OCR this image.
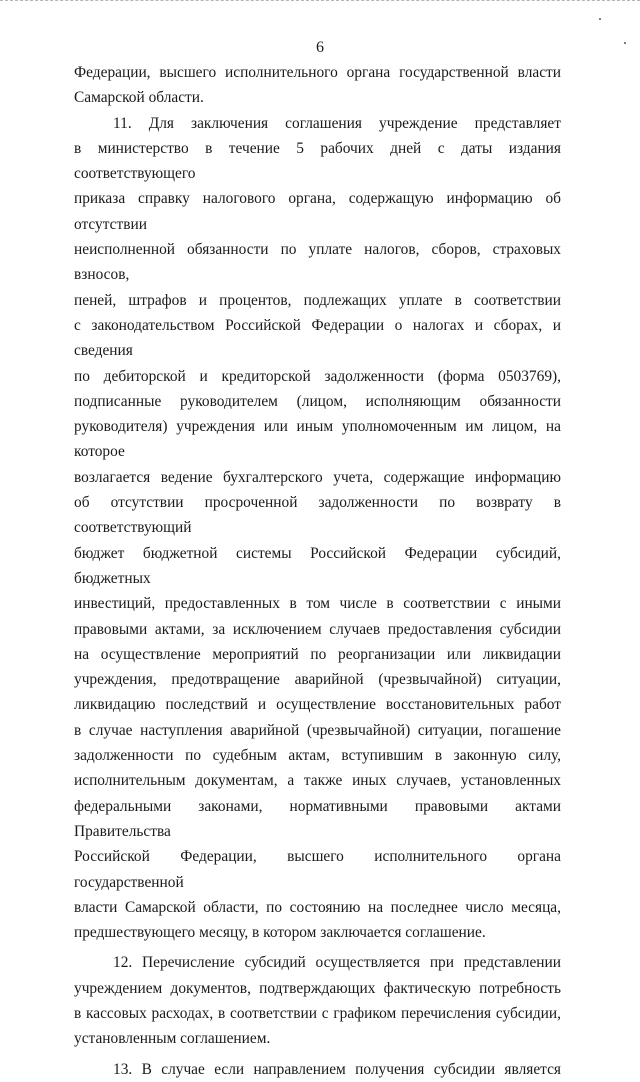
6

Федерации, высшего исполнительного органа государственной власти

Самарской области.

11. Для заключения соглашения учреждение представляет

в министерство в течение 5 рабочих дней с даты издания соответствующего

приказа справку налогового органа, содержащую информацию об отсутствии

неисполненной обязанности по уплате налогов, сборов, страховых взносов,

пеней, штрафов и процентов, подлежащих уплате в соответствии

с законодательством Российской Федерации о налогах и сборах, и сведения

по дебиторской и кредиторской задолженности (форма 0503769),

подписанные руководителем (лицом, исполняющим обязанности

руководителя) учреждения или иным уполномоченным им лицом, на которое

возлагается ведение бухгалтерского учета, содержащие информацию

об отсутствии просроченной задолженности по возврату в соответствующий

бюджет бюджетной системы Российской Федерации субсидий, бюджетных

инвестиций, предоставленных в том числе в соответствии с иными

правовыми актами, за исключением случаев предоставления субсидии

на осуществление мероприятий по реорганизации или ликвидации

учреждения, предотвращение аварийной (чрезвычайной) ситуации,

ликвидацию последствий и осуществление восстановительных работ

в случае наступления аварийной (чрезвычайной) ситуации, погашение

задолженности по судебным актам, вступившим в законную силу,

исполнительным документам, а также иных случаев, установленных

федеральными законами, нормативными правовыми актами Правительства

Российской Федерации, высшего исполнительного органа государственной

власти Самарской области, по состоянию на последнее число месяца,

предшествующего месяцу, в котором заключается соглашение.

12. Перечисление субсидий осуществляется при представлении

учреждением документов, подтверждающих фактическую потребность

в кассовых расходах, в соответствии с графиком перечисления субсидии,

установленным соглашением.

13. В случае если направлением получения субсидии является
